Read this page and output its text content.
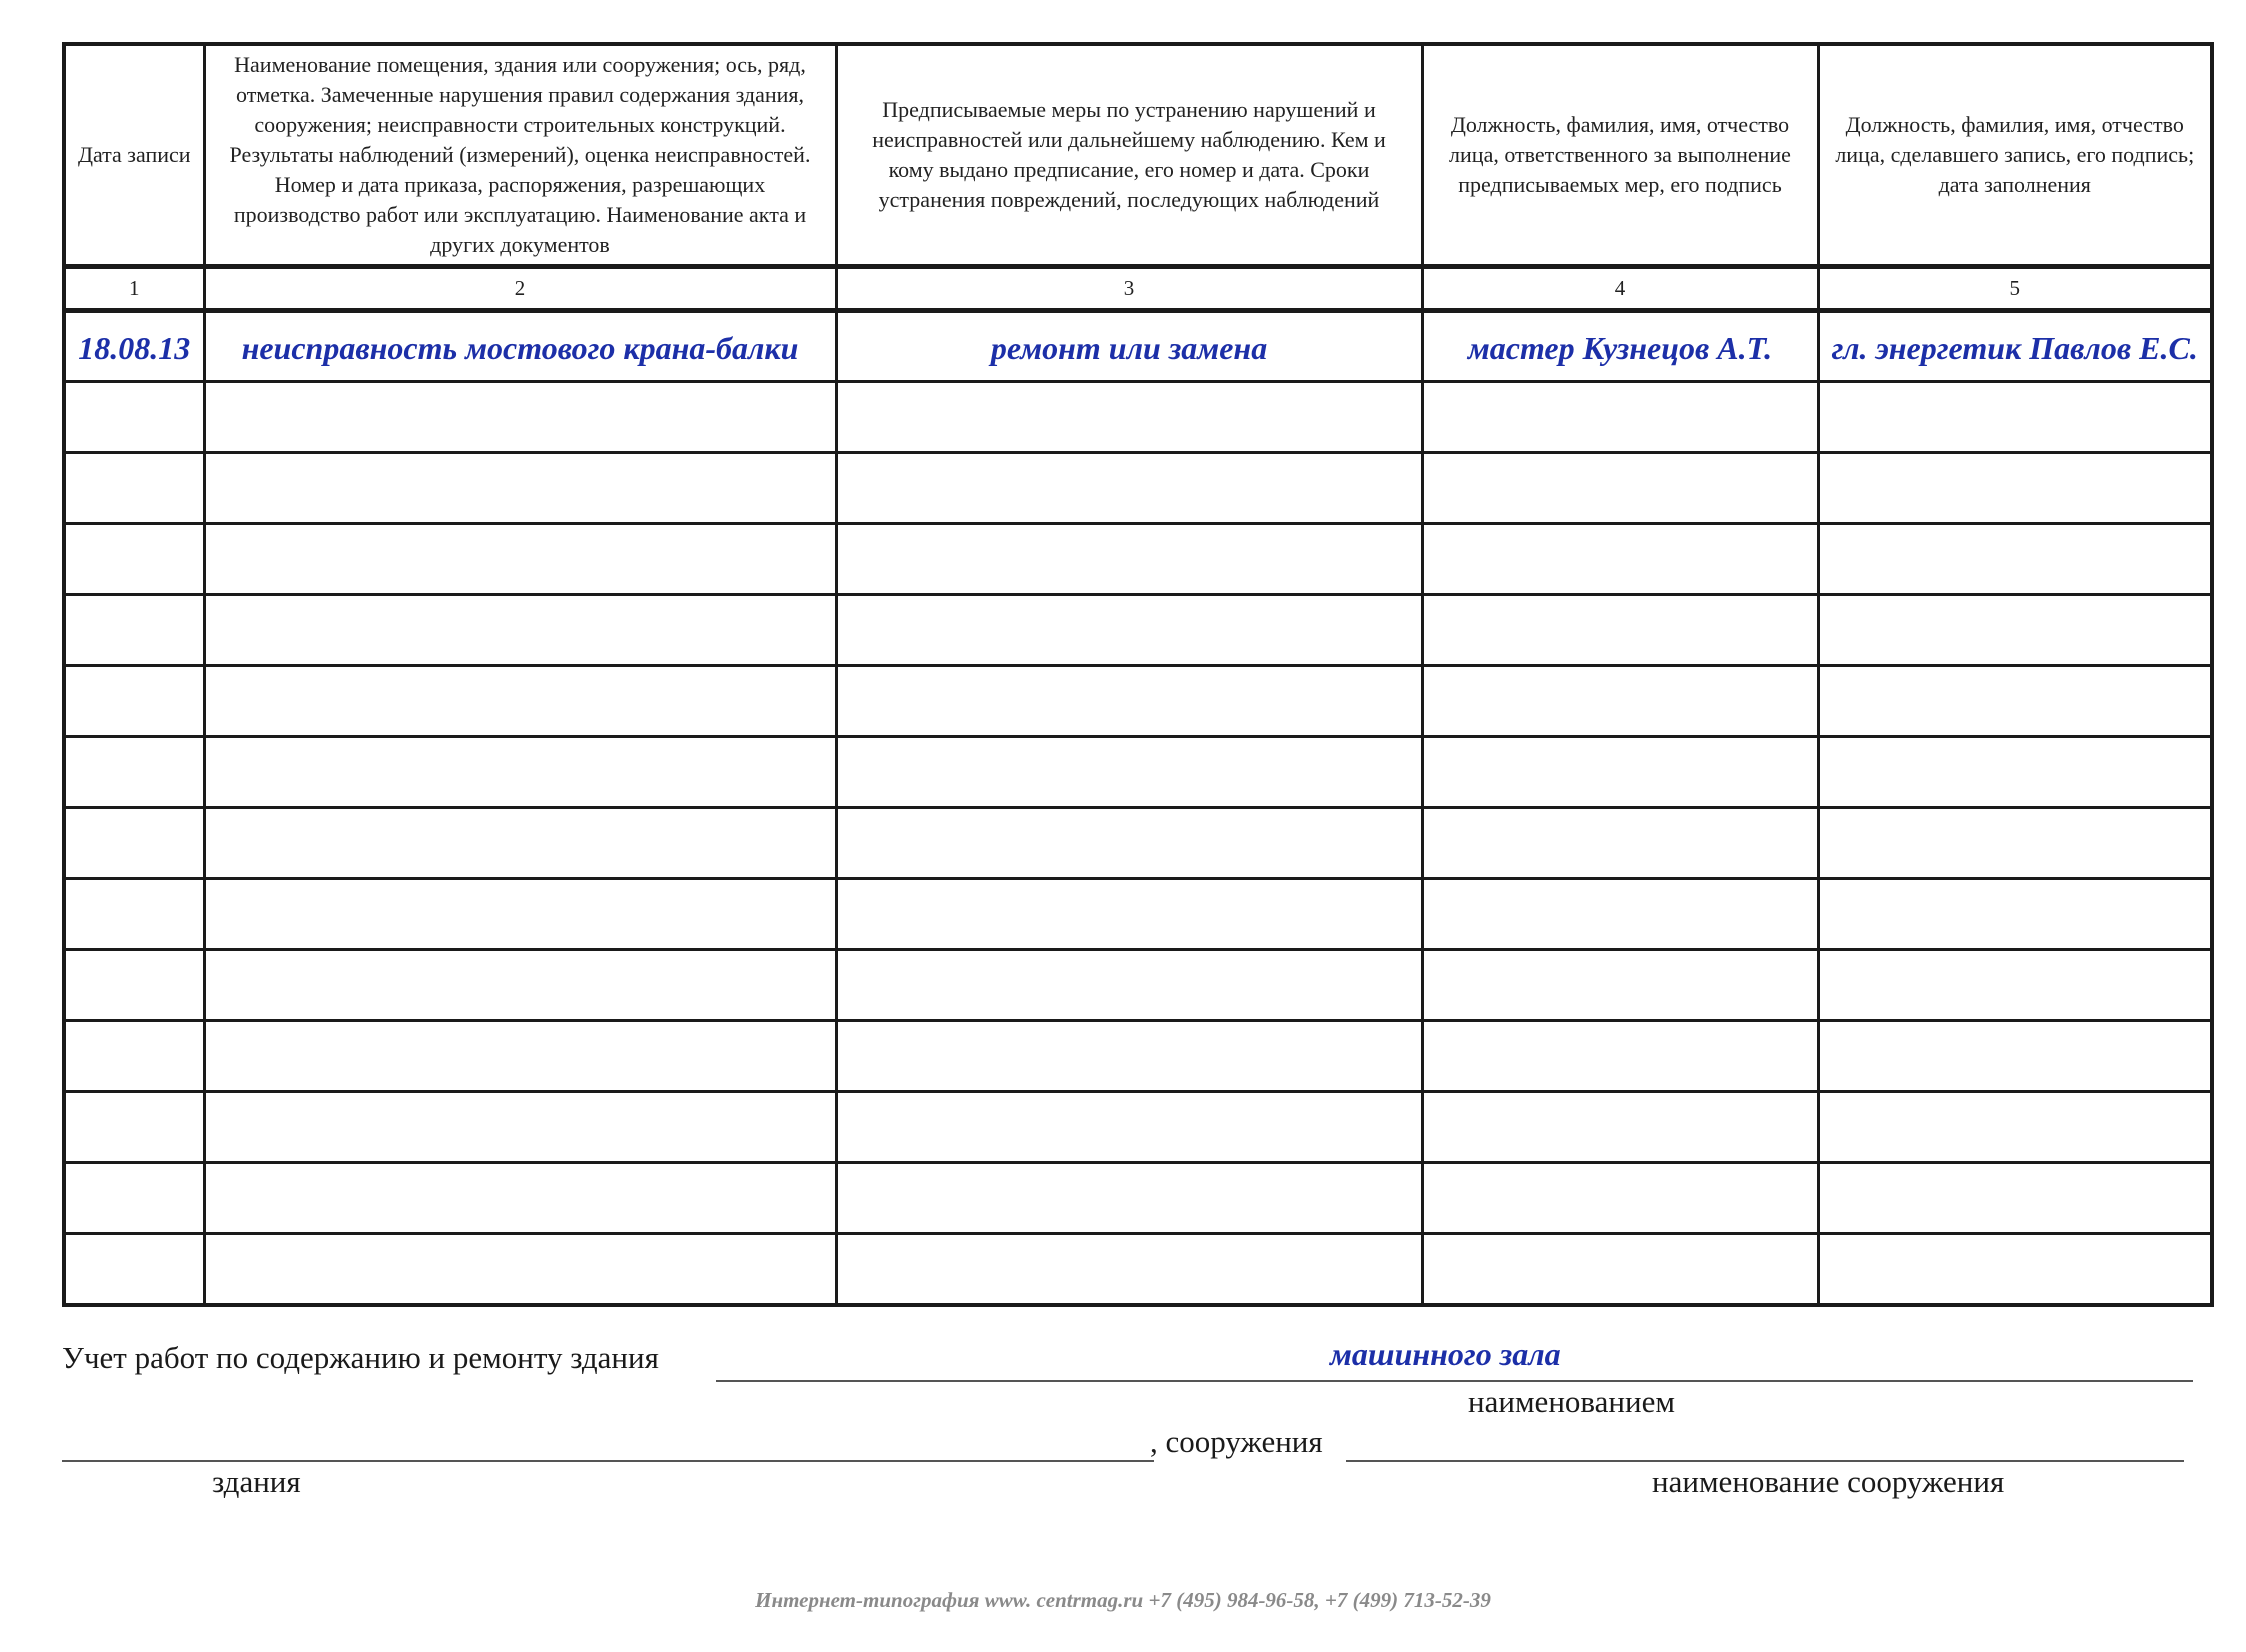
Дата записи	Наименование помещения, здания или сооружения; ось, ряд, отметка. Замеченные нарушения правил содержания здания, сооружения; неисправности строительных конструкций. Результаты наблюдений (измерений), оценка неисправностей. Номер и дата приказа, распоряжения, разрешающих производство работ или эксплуатацию. Наименование акта и других документов	Предписываемые меры по устранению нарушений и неисправностей или дальнейшему наблюдению. Кем и кому выдано предписание, его номер и дата. Сроки устранения повреждений, последующих наблюдений	Должность, фамилия, имя, отчество лица, ответственного за выполнение предписываемых мер, его подпись	Должность, фамилия, имя, отчество лица, сделавшего запись, его подпись; дата заполнения
1	2	3	4	5
18.08.13	неисправность мостового крана-балки	ремонт или замена	мастер Кузнецов А.Т.	гл. энергетик Павлов Е.С.

Учет работ по содержанию и ремонту здания	машинного зала
наименованием
, сооружения
здания	наименование сооружения
Интернет-типография www. centrmag.ru +7 (495) 984-96-58, +7 (499) 713-52-39
